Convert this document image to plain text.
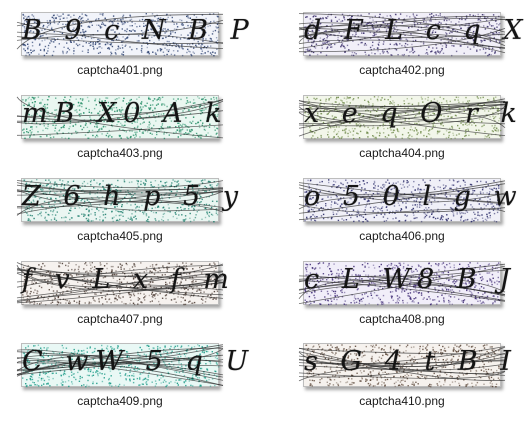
B 9 c N B P
captcha401.png
d F L c q X
captcha402.png
mB X0 A k
captcha403.png
x e q O r k
captcha404.png
Z 6 h p 5 y
captcha405.png
o 5 0 l g w
captcha406.png
f v L x f m
captcha407.png
c L W8 B J
captcha408.png
C wW 5 q U
captcha409.png
s G 4 t B I
captcha410.png
